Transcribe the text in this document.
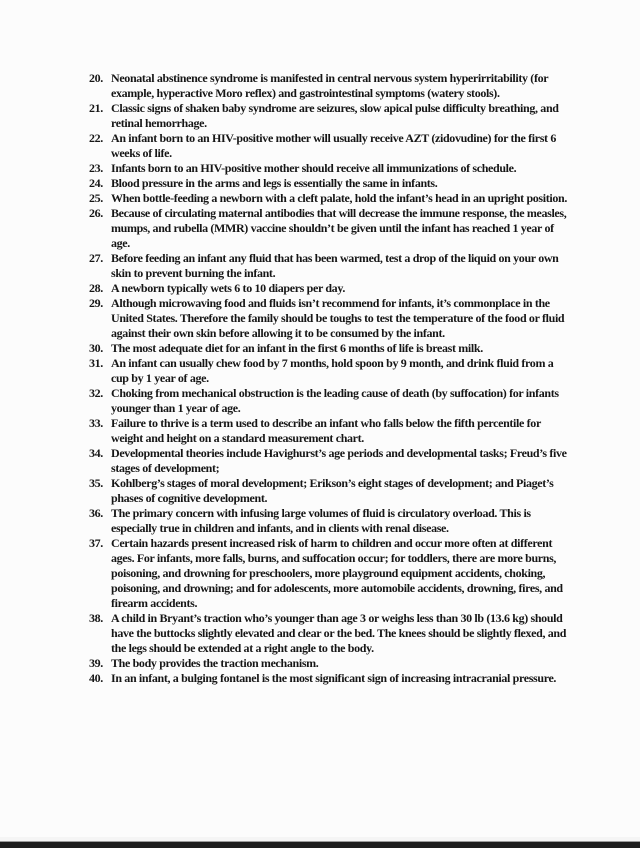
20. Neonatal abstinence syndrome is manifested in central nervous system hyperirritability (for example, hyperactive Moro reflex) and gastrointestinal symptoms (watery stools).
21. Classic signs of shaken baby syndrome are seizures, slow apical pulse difficulty breathing, and retinal hemorrhage.
22. An infant born to an HIV-positive mother will usually receive AZT (zidovudine) for the first 6 weeks of life.
23. Infants born to an HIV-positive mother should receive all immunizations of schedule.
24. Blood pressure in the arms and legs is essentially the same in infants.
25. When bottle-feeding a newborn with a cleft palate, hold the infant’s head in an upright position.
26. Because of circulating maternal antibodies that will decrease the immune response, the measles, mumps, and rubella (MMR) vaccine shouldn’t be given until the infant has reached 1 year of age.
27. Before feeding an infant any fluid that has been warmed, test a drop of the liquid on your own skin to prevent burning the infant.
28. A newborn typically wets 6 to 10 diapers per day.
29. Although microwaving food and fluids isn’t recommend for infants, it’s commonplace in the United States. Therefore the family should be toughs to test the temperature of the food or fluid against their own skin before allowing it to be consumed by the infant.
30. The most adequate diet for an infant in the first 6 months of life is breast milk.
31. An infant can usually chew food by 7 months, hold spoon by 9 month, and drink fluid from a cup by 1 year of age.
32. Choking from mechanical obstruction is the leading cause of death (by suffocation) for infants younger than 1 year of age.
33. Failure to thrive is a term used to describe an infant who falls below the fifth percentile for weight and height on a standard measurement chart.
34. Developmental theories include Havighurst’s age periods and developmental tasks; Freud’s five stages of development;
35. Kohlberg’s stages of moral development; Erikson’s eight stages of development; and Piaget’s phases of cognitive development.
36. The primary concern with infusing large volumes of fluid is circulatory overload. This is especially true in children and infants, and in clients with renal disease.
37. Certain hazards present increased risk of harm to children and occur more often at different ages. For infants, more falls, burns, and suffocation occur; for toddlers, there are more burns, poisoning, and drowning for preschoolers, more playground equipment accidents, choking, poisoning, and drowning; and for adolescents, more automobile accidents, drowning, fires, and firearm accidents.
38. A child in Bryant’s traction who’s younger than age 3 or weighs less than 30 lb (13.6 kg) should have the buttocks slightly elevated and clear or the bed. The knees should be slightly flexed, and the legs should be extended at a right angle to the body.
39. The body provides the traction mechanism.
40. In an infant, a bulging fontanel is the most significant sign of increasing intracranial pressure.
